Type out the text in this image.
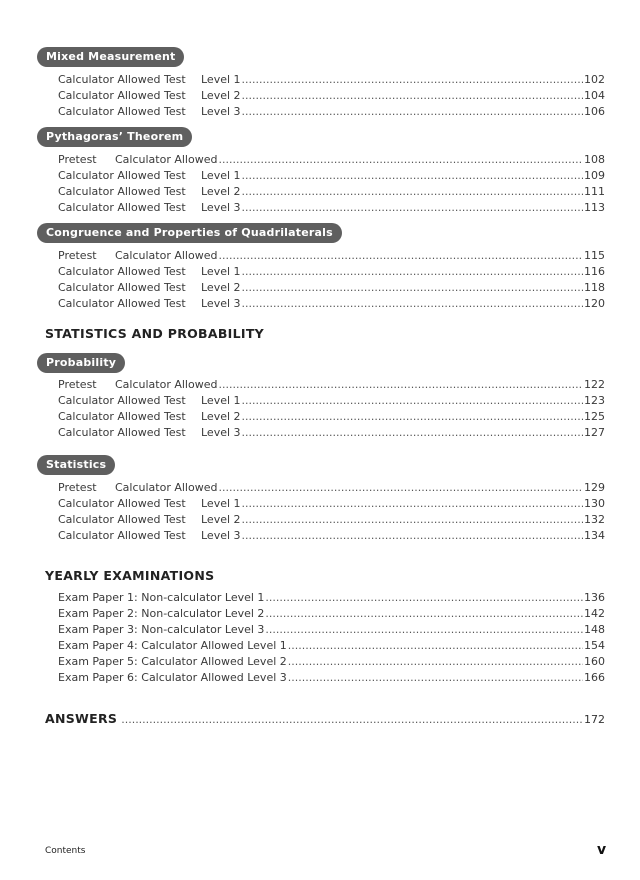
Mixed Measurement
Calculator Allowed Test	Level 1 .....	102
Calculator Allowed Test	Level 2 .....	104
Calculator Allowed Test	Level 3 .....	106
Pythagoras’ Theorem
Pretest	Calculator Allowed .....	108
Calculator Allowed Test	Level 1 .....	109
Calculator Allowed Test	Level 2 .....	111
Calculator Allowed Test	Level 3 .....	113
Congruence and Properties of Quadrilaterals
Pretest	Calculator Allowed .....	115
Calculator Allowed Test	Level 1 .....	116
Calculator Allowed Test	Level 2 .....	118
Calculator Allowed Test	Level 3 .....	120
STATISTICS AND PROBABILITY
Probability
Pretest	Calculator Allowed .....	122
Calculator Allowed Test	Level 1 .....	123
Calculator Allowed Test	Level 2 .....	125
Calculator Allowed Test	Level 3 .....	127
Statistics
Pretest	Calculator Allowed .....	129
Calculator Allowed Test	Level 1 .....	130
Calculator Allowed Test	Level 2 .....	132
Calculator Allowed Test	Level 3 .....	134
YEARLY EXAMINATIONS
Exam Paper 1: Non-calculator Level 1 .....	136
Exam Paper 2: Non-calculator Level 2 .....	142
Exam Paper 3: Non-calculator Level 3 .....	148
Exam Paper 4: Calculator Allowed Level 1 .....	154
Exam Paper 5: Calculator Allowed Level 2 .....	160
Exam Paper 6: Calculator Allowed Level 3 .....	166
ANSWERS .....	172
Contents	v
